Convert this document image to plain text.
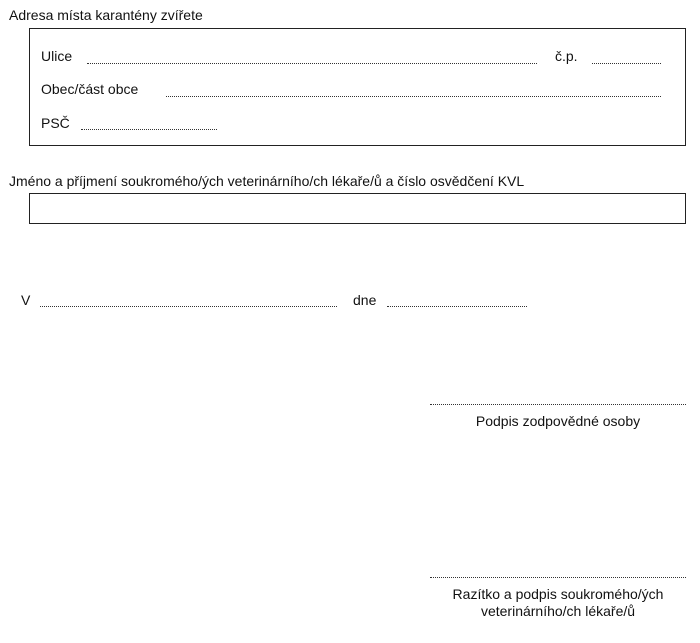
Adresa místa karantény zvířete
Ulice	č.p.
Obec/část obce
PSČ
Jméno a příjmení soukromého/ých veterinárního/ch lékaře/ů a číslo osvědčení KVL
V	dne
Podpis zodpovědné osoby
Razítko a podpis soukromého/ých
veterinárního/ch lékaře/ů
